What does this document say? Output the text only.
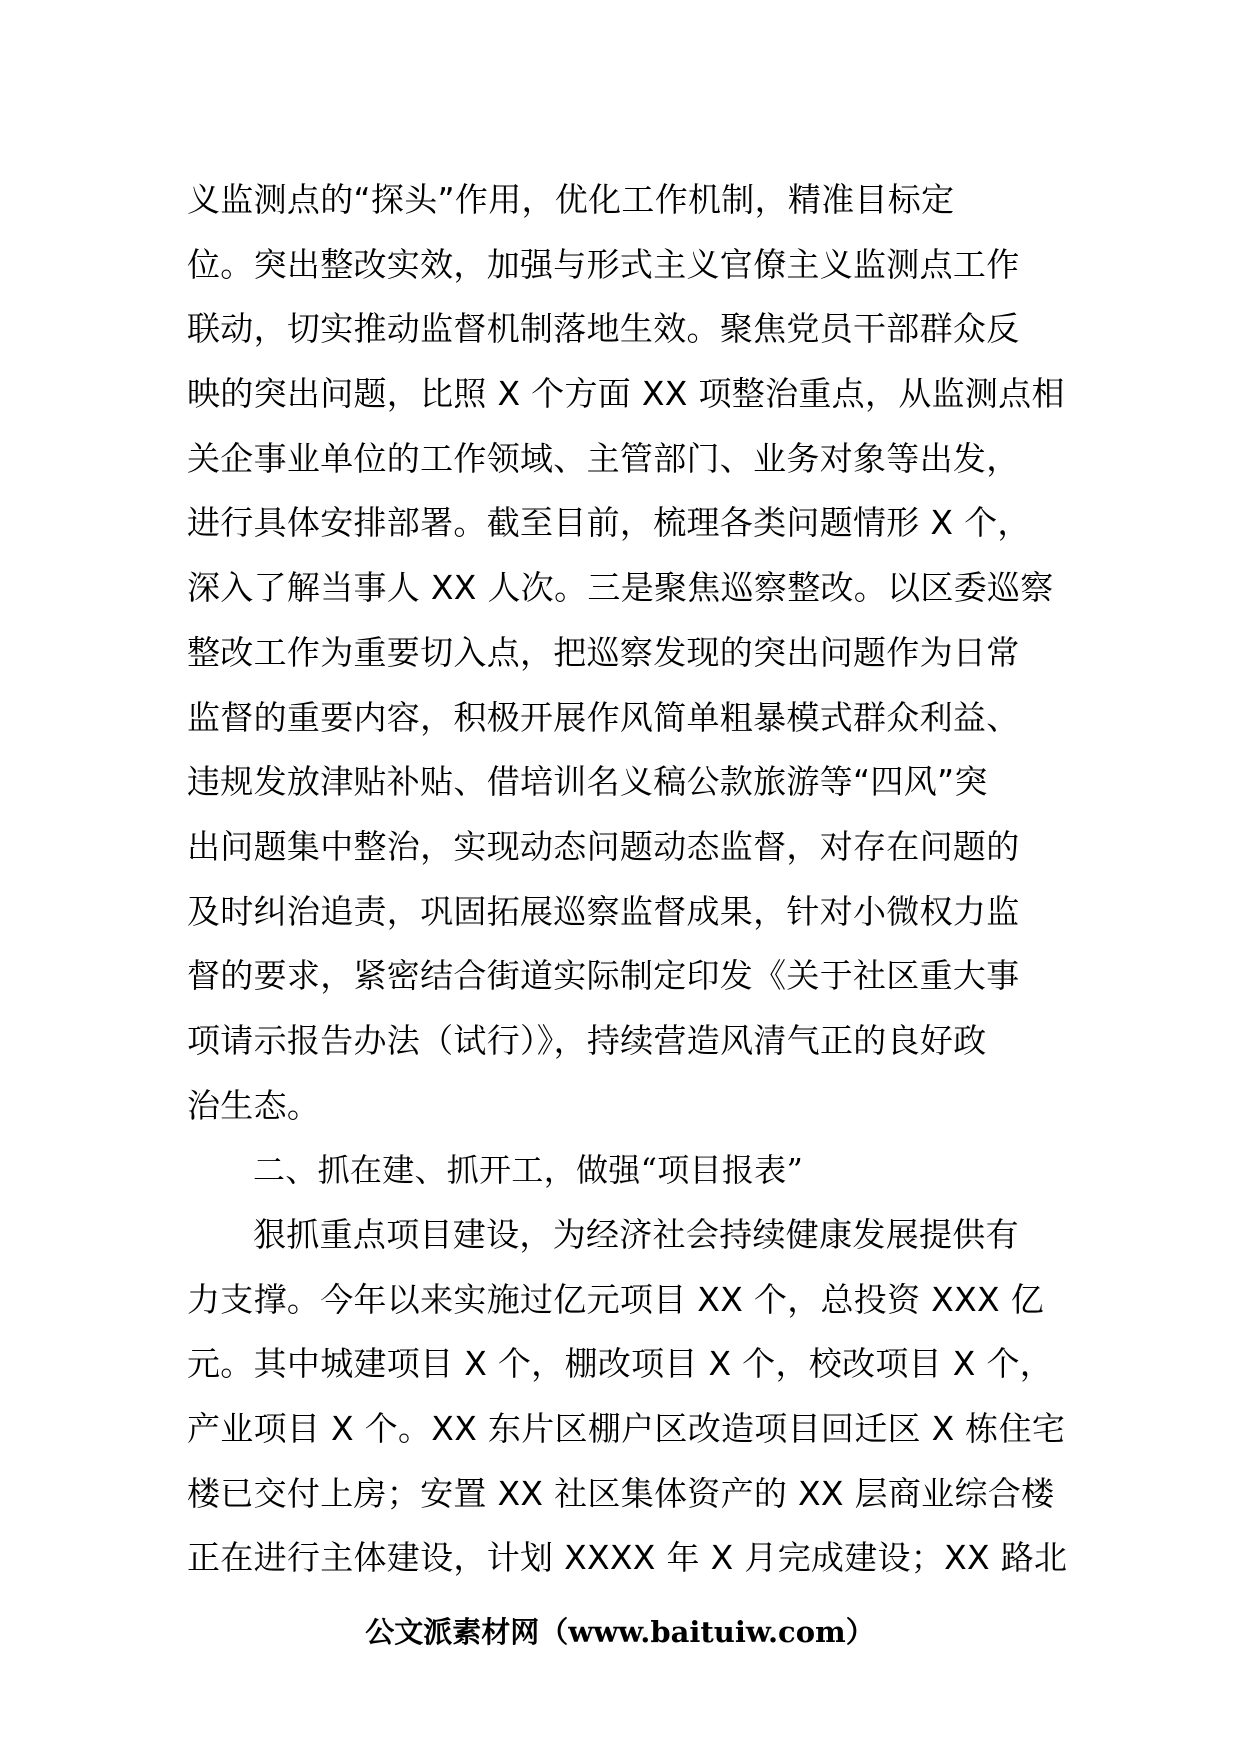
义监测点的“探头”作用，优化工作机制，精准目标定
位。突出整改实效，加强与形式主义官僚主义监测点工作
联动，切实推动监督机制落地生效。聚焦党员干部群众反
映的突出问题，比照 X 个方面 XX 项整治重点，从监测点相
关企事业单位的工作领域、主管部门、业务对象等出发，
进行具体安排部署。截至目前，梳理各类问题情形 X 个，
深入了解当事人 XX 人次。三是聚焦巡察整改。以区委巡察
整改工作为重要切入点，把巡察发现的突出问题作为日常
监督的重要内容，积极开展作风简单粗暴模式群众利益、
违规发放津贴补贴、借培训名义稿公款旅游等“四风”突
出问题集中整治，实现动态问题动态监督，对存在问题的
及时纠治追责，巩固拓展巡察监督成果，针对小微权力监
督的要求，紧密结合街道实际制定印发《关于社区重大事
项请示报告办法（试行）》，持续营造风清气正的良好政
治生态。
二、抓在建、抓开工，做强“项目报表”
狠抓重点项目建设，为经济社会持续健康发展提供有
力支撑。今年以来实施过亿元项目 XX 个，总投资 XXX 亿
元。其中城建项目 X 个，棚改项目 X 个，校改项目 X 个，
产业项目 X 个。XX 东片区棚户区改造项目回迁区 X 栋住宅
楼已交付上房；安置 XX 社区集体资产的 XX 层商业综合楼
正在进行主体建设，计划 XXXX 年 X 月完成建设；XX 路北
公文派素材网（www.baituiw.com）
